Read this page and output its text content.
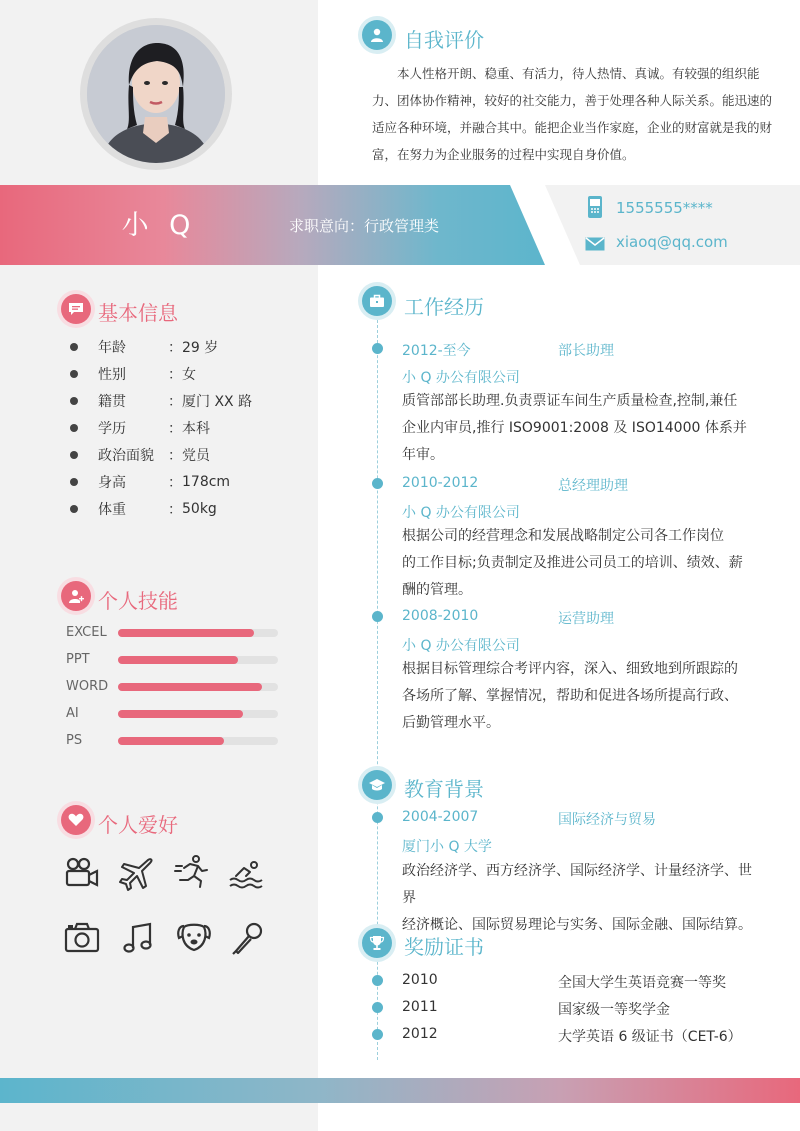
小 Q	求职意向：行政管理类
1555555****
xiaoq@qq.com
自我评价
本人性格开朗、稳重、有活力，待人热情、真诚。有较强的组织能力、团体协作精神，较好的社交能力，善于处理各种人际关系。能迅速的适应各种环境，并融合其中。能把企业当作家庭，企业的财富就是我的财富，在努力为企业服务的过程中实现自身价值。
基本信息
年龄	： 29 岁
性别	： 女
籍贯	： 厦门 XX 路
学历	： 本科
政治面貌	： 党员
身高	： 178cm
体重	： 50kg
个人技能
EXCEL
PPT
WORD
AI
PS
个人爱好
工作经历
2012-至今	部长助理
小 Q 办公有限公司
质管部部长助理.负责票证车间生产质量检查,控制,兼任
企业内审员,推行 ISO9001:2008 及 ISO14000 体系并
年审。
2010-2012	总经理助理
小 Q 办公有限公司
根据公司的经营理念和发展战略制定公司各工作岗位
的工作目标;负责制定及推进公司员工的培训、绩效、薪
酬的管理。
2008-2010	运营助理
小 Q 办公有限公司
根据目标管理综合考评内容，深入、细致地到所跟踪的
各场所了解、掌握情况，帮助和促进各场所提高行政、
后勤管理水平。
教育背景
2004-2007	国际经济与贸易
厦门小 Q 大学
政治经济学、西方经济学、国际经济学、计量经济学、世界
经济概论、国际贸易理论与实务、国际金融、国际结算。
奖励证书
2010	全国大学生英语竞赛一等奖
2011	国家级一等奖学金
2012	大学英语 6 级证书（CET-6）
